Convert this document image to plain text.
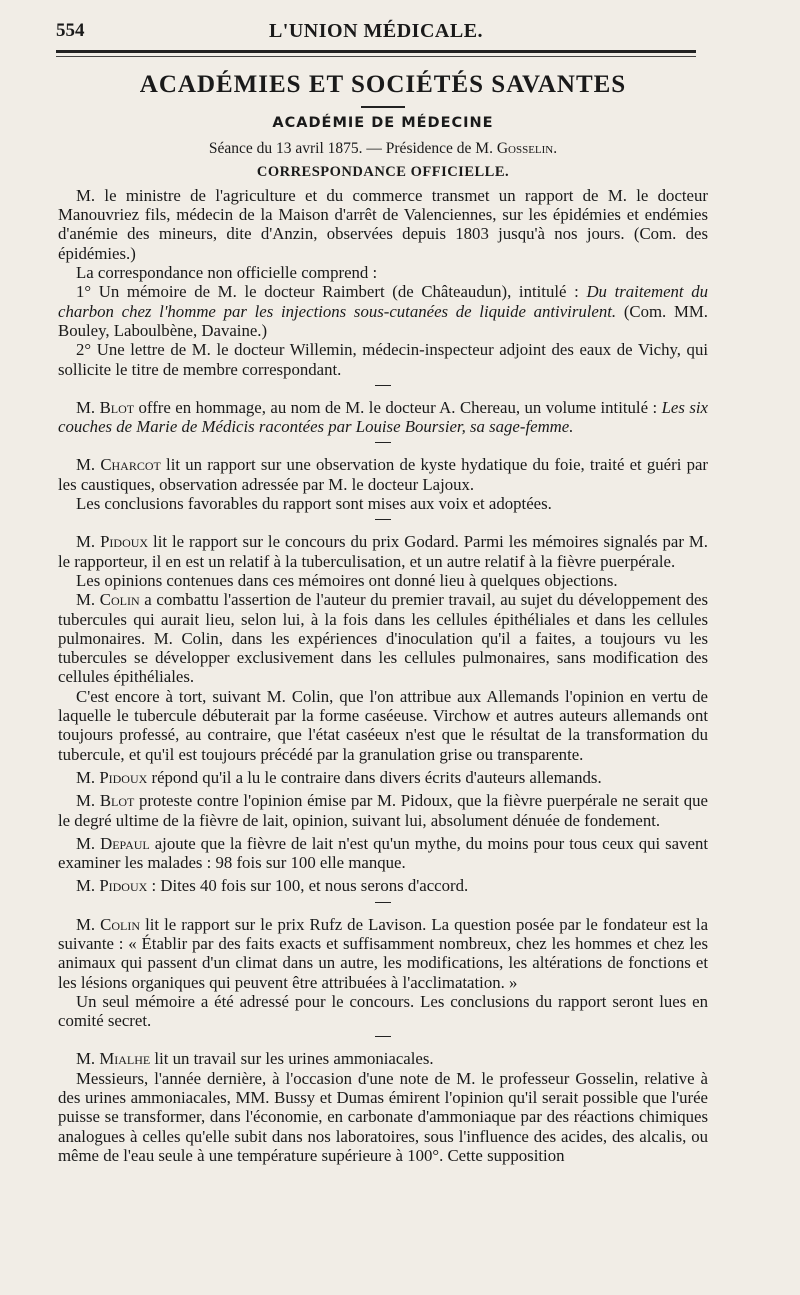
554	L'UNION MÉDICALE.
ACADÉMIES ET SOCIÉTÉS SAVANTES
ACADÉMIE DE MÉDECINE
Séance du 13 avril 1875. — Présidence de M. Gosselin.
CORRESPONDANCE OFFICIELLE.

M. le ministre de l'agriculture et du commerce transmet un rapport de M. le docteur Manouvriez fils, médecin de la Maison d'arrêt de Valenciennes, sur les épidémies et endémies d'anémie des mineurs, dite d'Anzin, observées depuis 1803 jusqu'à nos jours. (Com. des épidémies.)

La correspondance non officielle comprend :

1° Un mémoire de M. le docteur Raimbert (de Châteaudun), intitulé : Du traitement du charbon chez l'homme par les injections sous-cutanées de liquide antivirulent. (Com. MM. Bouley, Laboulbène, Davaine.)

2° Une lettre de M. le docteur Willemin, médecin-inspecteur adjoint des eaux de Vichy, qui sollicite le titre de membre correspondant.

M. Blot offre en hommage, au nom de M. le docteur A. Chereau, un volume intitulé : Les six couches de Marie de Médicis racontées par Louise Boursier, sa sage-femme.

M. Charcot lit un rapport sur une observation de kyste hydatique du foie, traité et guéri par les caustiques, observation adressée par M. le docteur Lajoux.

Les conclusions favorables du rapport sont mises aux voix et adoptées.

M. Pidoux lit le rapport sur le concours du prix Godard. Parmi les mémoires signalés par M. le rapporteur, il en est un relatif à la tuberculisation, et un autre relatif à la fièvre puerpérale.

Les opinions contenues dans ces mémoires ont donné lieu à quelques objections.

M. Colin a combattu l'assertion de l'auteur du premier travail, au sujet du développement des tubercules qui aurait lieu, selon lui, à la fois dans les cellules épithéliales et dans les cellules pulmonaires. M. Colin, dans les expériences d'inoculation qu'il a faites, a toujours vu les tubercules se développer exclusivement dans les cellules pulmonaires, sans modification des cellules épithéliales.

C'est encore à tort, suivant M. Colin, que l'on attribue aux Allemands l'opinion en vertu de laquelle le tubercule débuterait par la forme caséeuse. Virchow et autres auteurs allemands ont toujours professé, au contraire, que l'état caséeux n'est que le résultat de la transformation du tubercule, et qu'il est toujours précédé par la granulation grise ou transparente.

M. Pidoux répond qu'il a lu le contraire dans divers écrits d'auteurs allemands.

M. Blot proteste contre l'opinion émise par M. Pidoux, que la fièvre puerpérale ne serait que le degré ultime de la fièvre de lait, opinion, suivant lui, absolument dénuée de fondement.

M. Depaul ajoute que la fièvre de lait n'est qu'un mythe, du moins pour tous ceux qui savent examiner les malades : 98 fois sur 100 elle manque.

M. Pidoux : Dites 40 fois sur 100, et nous serons d'accord.

M. Colin lit le rapport sur le prix Rufz de Lavison. La question posée par le fondateur est la suivante : « Établir par des faits exacts et suffisamment nombreux, chez les hommes et chez les animaux qui passent d'un climat dans un autre, les modifications, les altérations de fonctions et les lésions organiques qui peuvent être attribuées à l'acclimatation. »

Un seul mémoire a été adressé pour le concours. Les conclusions du rapport seront lues en comité secret.

M. Mialhe lit un travail sur les urines ammoniacales.

Messieurs, l'année dernière, à l'occasion d'une note de M. le professeur Gosselin, relative à des urines ammoniacales, MM. Bussy et Dumas émirent l'opinion qu'il serait possible que l'urée puisse se transformer, dans l'économie, en carbonate d'ammoniaque par des réactions chimiques analogues à celles qu'elle subit dans nos laboratoires, sous l'influence des acides, des alcalis, ou même de l'eau seule à une température supérieure à 100°. Cette supposition
